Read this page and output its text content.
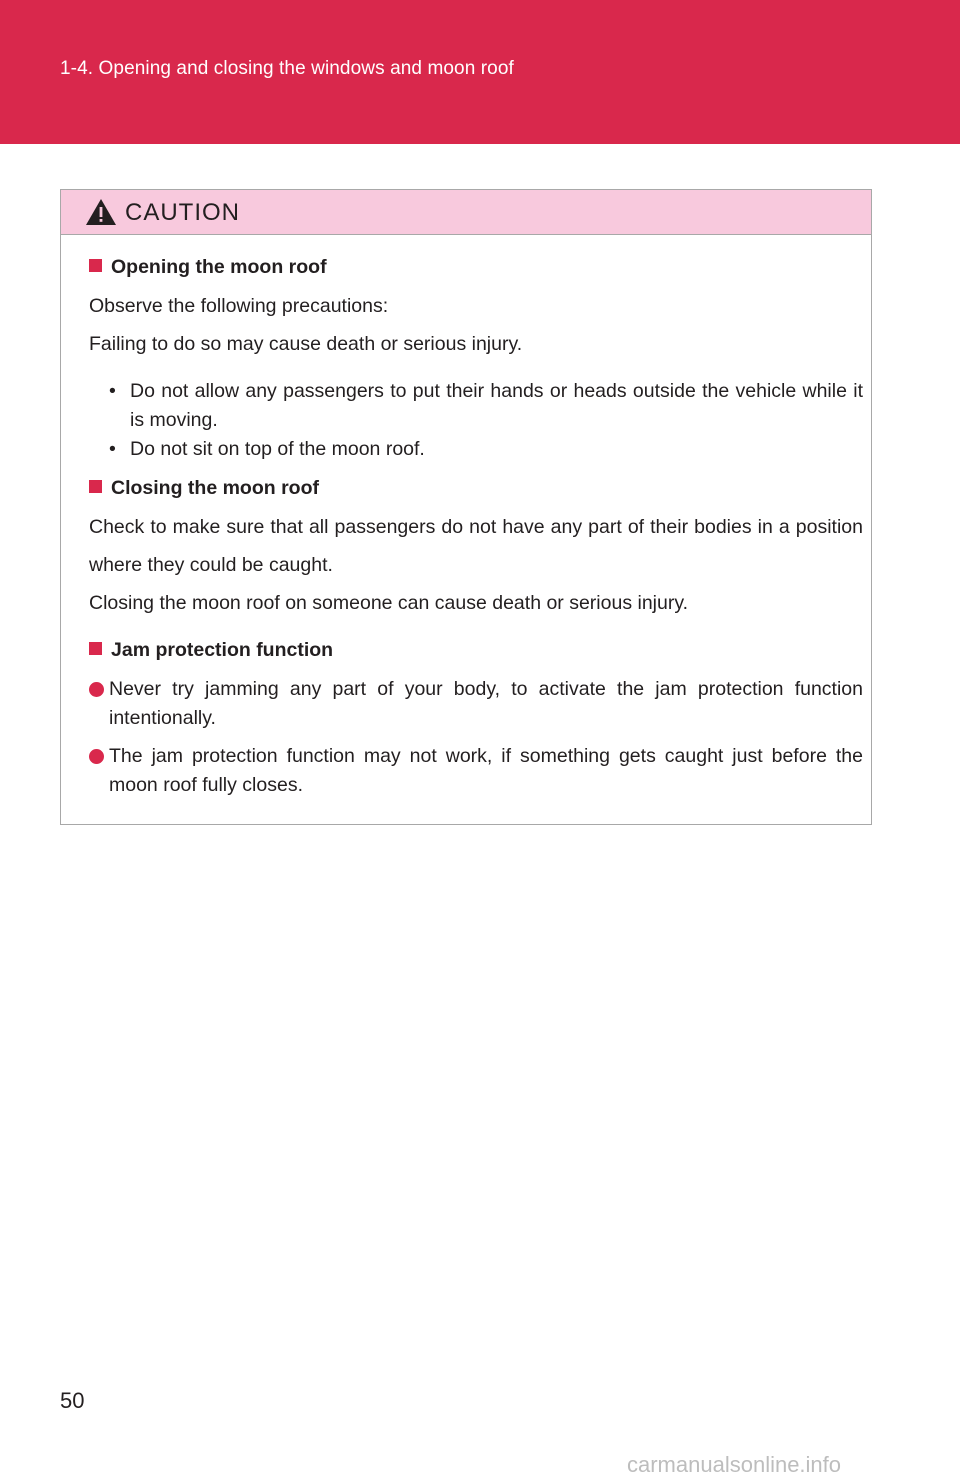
1-4. Opening and closing the windows and moon roof
CAUTION
Opening the moon roof
Observe the following precautions:
Failing to do so may cause death or serious injury.
• Do not allow any passengers to put their hands or heads outside the vehicle while it is moving.
• Do not sit on top of the moon roof.
Closing the moon roof
Check to make sure that all passengers do not have any part of their bodies in a position where they could be caught.
Closing the moon roof on someone can cause death or serious injury.
Jam protection function
Never try jamming any part of your body, to activate the jam protection function intentionally.
The jam protection function may not work, if something gets caught just before the moon roof fully closes.
50
carmanualsonline.info
